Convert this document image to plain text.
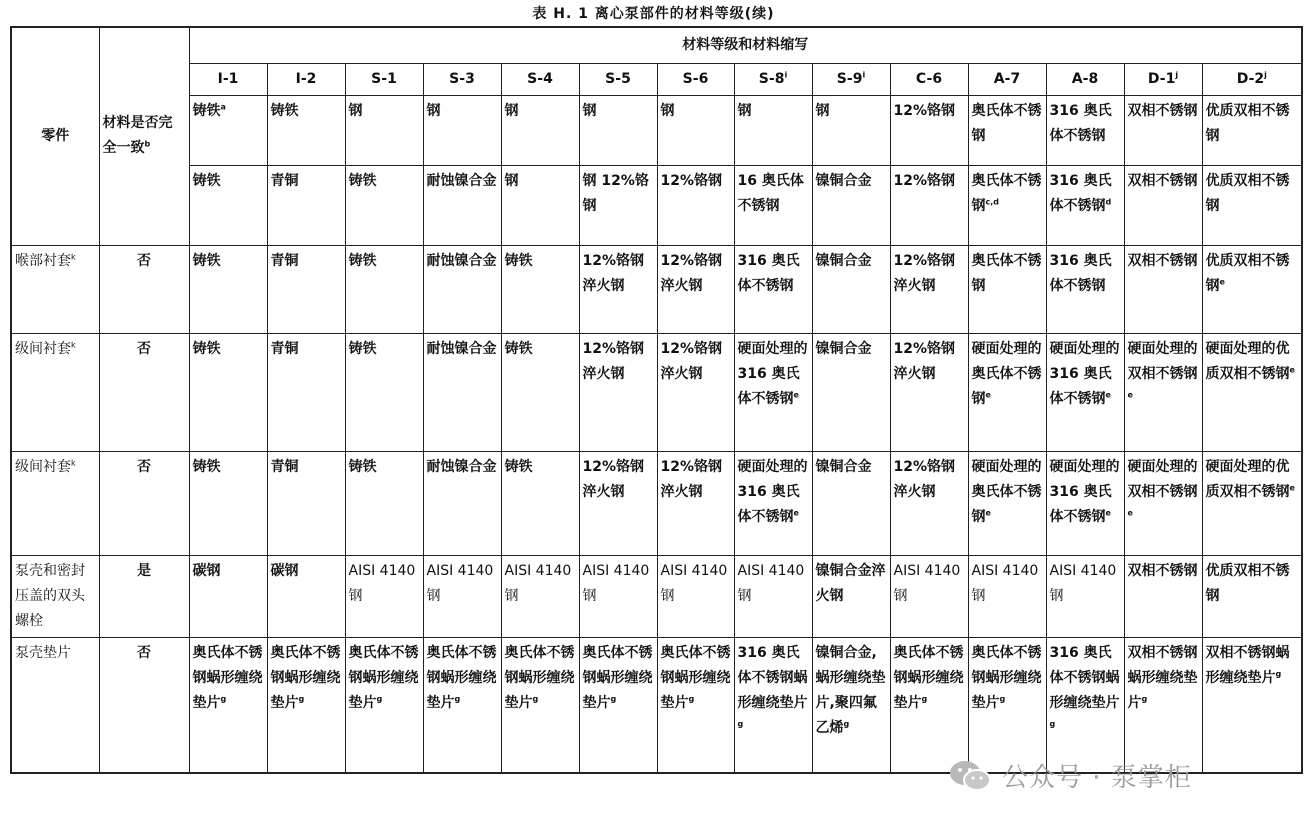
表 H. 1 离心泵部件的材料等级(续)
零件	材料是否完全一致$^b$	材料等级和材料缩写													
		I-1	I-2	S-1	S-3	S-4	S-5	S-6	S-8$^i$	S-9$^i$	C-6	A-7	A-8	D-1$^j$	D-2$^j$
		铸铁$^a$	铸铁	钢	钢	钢	钢	钢	钢	钢	12%铬钢	奥氏体不锈钢	316 奥氏体不锈钢	双相不锈钢	优质双相不锈钢
		铸铁	青铜	铸铁	耐蚀镍合金	钢	钢 12%铬钢	12%铬钢	16 奥氏体不锈钢	镍铜合金	12%铬钢	奥氏体不锈钢$^{c,d}$	316 奥氏体不锈钢$^d$	双相不锈钢	优质双相不锈钢
喉部衬套$^k$	否	铸铁	青铜	铸铁	耐蚀镍合金	铸铁	12%铬钢淬火钢	12%铬钢淬火钢	316 奥氏体不锈钢	镍铜合金	12%铬钢淬火钢	奥氏体不锈钢	316 奥氏体不锈钢	双相不锈钢	优质双相不锈钢$^e$
级间衬套$^k$	否	铸铁	青铜	铸铁	耐蚀镍合金	铸铁	12%铬钢淬火钢	12%铬钢淬火钢	硬面处理的 316 奥氏体不锈钢$^e$	镍铜合金	12%铬钢淬火钢	硬面处理的奥氏体不锈钢$^e$	硬面处理的 316 奥氏体不锈钢$^e$	硬面处理的双相不锈钢$^e$	硬面处理的优质双相不锈钢$^e$
级间衬套$^k$	否	铸铁	青铜	铸铁	耐蚀镍合金	铸铁	12%铬钢淬火钢	12%铬钢淬火钢	硬面处理的 316 奥氏体不锈钢$^e$	镍铜合金	12%铬钢淬火钢	硬面处理的奥氏体不锈钢$^e$	硬面处理的 316 奥氏体不锈钢$^e$	硬面处理的双相不锈钢$^e$	硬面处理的优质双相不锈钢$^e$
泵壳和密封压盖的双头螺栓	是	碳钢	碳钢	AISI 4140 钢	AISI 4140 钢	AISI 4140 钢	AISI 4140 钢	AISI 4140 钢	AISI 4140 钢	镍铜合金淬火钢	AISI 4140 钢	AISI 4140 钢	AISI 4140 钢	双相不锈钢	优质双相不锈钢
泵壳垫片	否	奥氏体不锈钢蜗形缠绕垫片$^g$	奥氏体不锈钢蜗形缠绕垫片$^g$	奥氏体不锈钢蜗形缠绕垫片$^g$	奥氏体不锈钢蜗形缠绕垫片$^g$	奥氏体不锈钢蜗形缠绕垫片$^g$	奥氏体不锈钢蜗形缠绕垫片$^g$	奥氏体不锈钢蜗形缠绕垫片$^g$	316 奥氏体不锈钢蜗形缠绕垫片$^g$	镍铜合金,蜗形缠绕垫片,聚四氟乙烯$^g$	奥氏体不锈钢蜗形缠绕垫片$^g$	奥氏体不锈钢蜗形缠绕垫片$^g$	316 奥氏体不锈钢蜗形缠绕垫片$^g$	双相不锈钢蜗形缠绕垫片$^g$	双相不锈钢蜗形缠绕垫片$^g$
公众号 · 泵掌柜
